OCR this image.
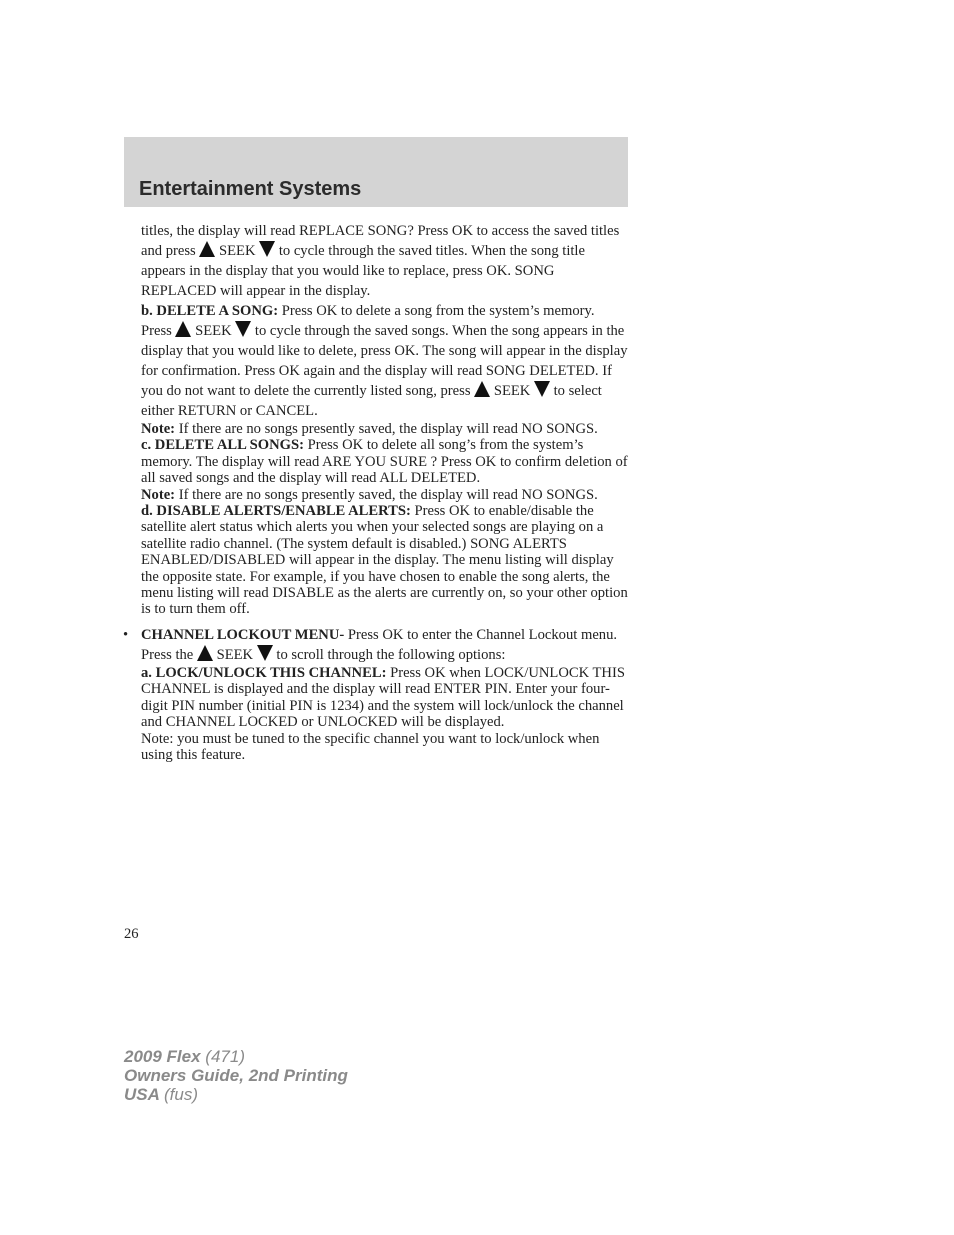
Entertainment Systems

titles, the display will read REPLACE SONG? Press OK to access the saved titles and press SEEK to cycle through the saved titles. When the song title appears in the display that you would like to replace, press OK. SONG REPLACED will appear in the display.

b. DELETE A SONG: Press OK to delete a song from the system’s memory. Press SEEK to cycle through the saved songs. When the song appears in the display that you would like to delete, press OK. The song will appear in the display for confirmation. Press OK again and the display will read SONG DELETED. If you do not want to delete the currently listed song, press SEEK to select either RETURN or CANCEL.

Note: If there are no songs presently saved, the display will read NO SONGS.

c. DELETE ALL SONGS: Press OK to delete all song’s from the system’s memory. The display will read ARE YOU SURE ? Press OK to confirm deletion of all saved songs and the display will read ALL DELETED.

Note: If there are no songs presently saved, the display will read NO SONGS.

d. DISABLE ALERTS/ENABLE ALERTS: Press OK to enable/disable the satellite alert status which alerts you when your selected songs are playing on a satellite radio channel. (The system default is disabled.) SONG ALERTS ENABLED/DISABLED will appear in the display. The menu listing will display the opposite state. For example, if you have chosen to enable the song alerts, the menu listing will read DISABLE as the alerts are currently on, so your other option is to turn them off.

• CHANNEL LOCKOUT MENU- Press OK to enter the Channel Lockout menu. Press the SEEK to scroll through the following options:

a. LOCK/UNLOCK THIS CHANNEL: Press OK when LOCK/UNLOCK THIS CHANNEL is displayed and the display will read ENTER PIN. Enter your four-digit PIN number (initial PIN is 1234) and the system will lock/unlock the channel and CHANNEL LOCKED or UNLOCKED will be displayed.

Note: you must be tuned to the specific channel you want to lock/unlock when using this feature.

26
2009 Flex (471)
Owners Guide, 2nd Printing
USA (fus)
